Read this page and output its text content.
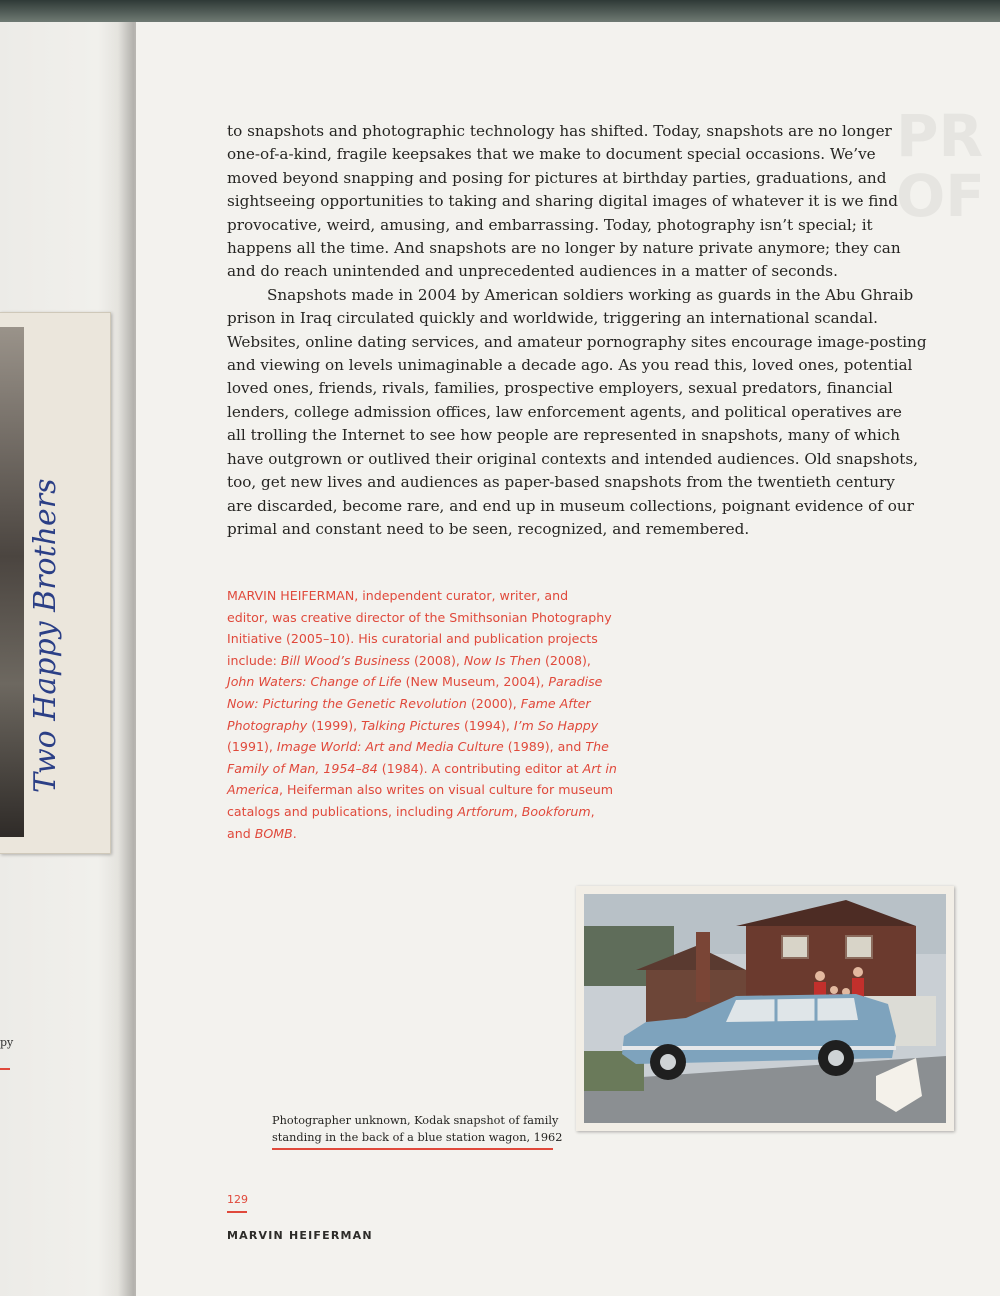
Two Happy Brothers
py
PR
OF

to snapshots and photographic technology has shifted. Today, snapshots are no longer
one-of-a-kind, fragile keepsakes that we make to document special occasions. We’ve
moved beyond snapping and posing for pictures at birthday parties, graduations, and
sightseeing opportunities to taking and sharing digital images of whatever it is we find
provocative, weird, amusing, and embarrassing. Today, photography isn’t special; it
happens all the time. And snapshots are no longer by nature private anymore; they can
and do reach unintended and unprecedented audiences in a matter of seconds.

Snapshots made in 2004 by American soldiers working as guards in the Abu Ghraib
prison in Iraq circulated quickly and worldwide, triggering an international scandal.
Websites, online dating services, and amateur pornography sites encourage image-posting
and viewing on levels unimaginable a decade ago. As you read this, loved ones, potential
loved ones, friends, rivals, families, prospective employers, sexual predators, financial
lenders, college admission offices, law enforcement agents, and political operatives are
all trolling the Internet to see how people are represented in snapshots, many of which
have outgrown or outlived their original contexts and intended audiences. Old snapshots,
too, get new lives and audiences as paper-based snapshots from the twentieth century
are discarded, become rare, and end up in museum collections, poignant evidence of our
primal and constant need to be seen, recognized, and remembered.

MARVIN HEIFERMAN, independent curator, writer, and
editor, was creative director of the Smithsonian Photography
Initiative (2005–10). His curatorial and publication projects
include: Bill Wood’s Business (2008), Now Is Then (2008),
John Waters: Change of Life (New Museum, 2004), Paradise
Now: Picturing the Genetic Revolution (2000), Fame After
Photography (1999), Talking Pictures (1994), I’m So Happy
(1991), Image World: Art and Media Culture (1989), and The
Family of Man, 1954–84 (1984). A contributing editor at Art in
America, Heiferman also writes on visual culture for museum
catalogs and publications, including Artforum, Bookforum,
and BOMB.
Photographer unknown, Kodak snapshot of family
standing in the back of a blue station wagon, 1962
129
MARVIN HEIFERMAN
